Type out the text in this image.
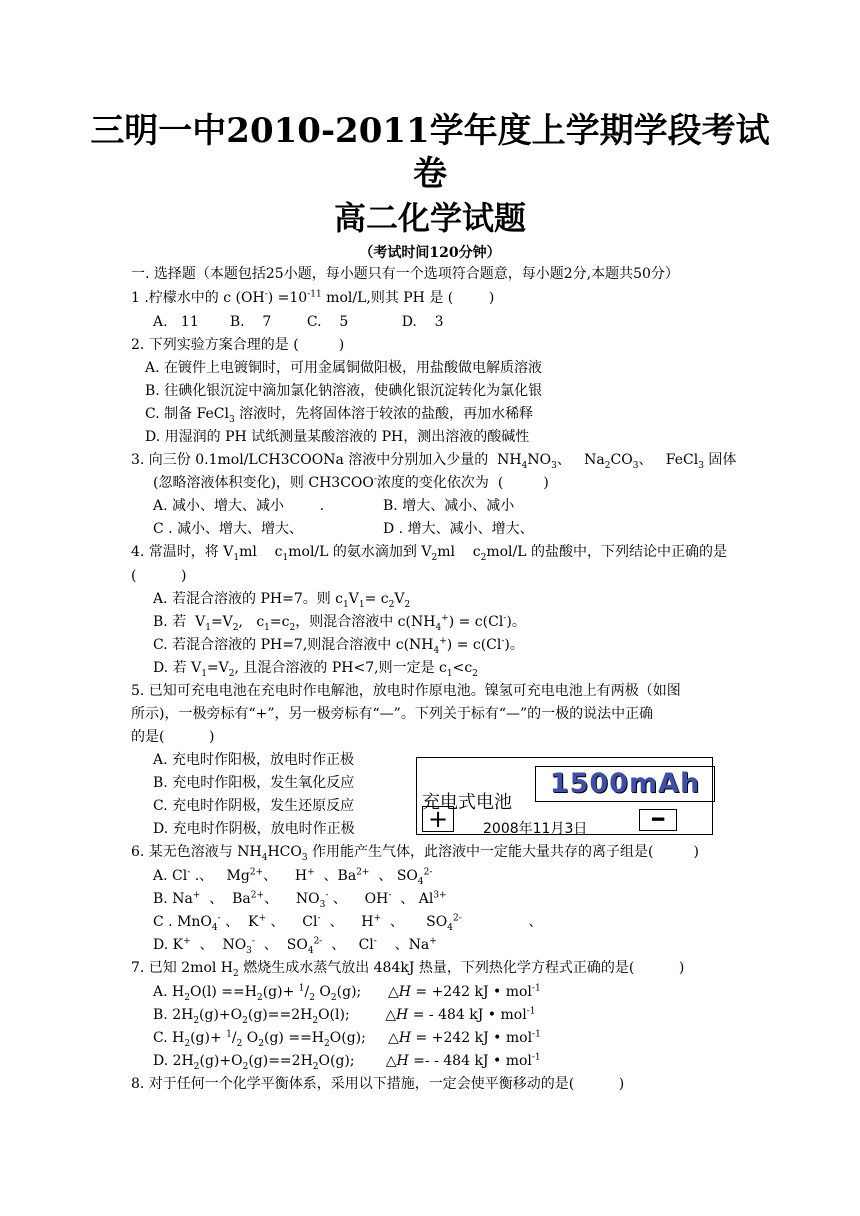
三明一中2010-2011学年度上学期学段考试
卷
高二化学试题
（考试时间120分钟）
一. 选择题（本题包括25小题，每小题只有一个选项符合题意，每小题2分,本题共50分）
1 .柠檬水中的 c $(OH^-) =10^{-11}$ mol/L,则其 PH 是 (        )
A.   11       B.    7        C.    5            D.    3
2. 下列实验方案合理的是 (         )
A. 在镀件上电镀铜时，可用金属铜做阳极，用盐酸做电解质溶液
B. 往碘化银沉淀中滴加氯化钠溶液，使碘化银沉淀转化为氯化银
C. 制备 FeCl$_3$ 溶液时，先将固体溶于较浓的盐酸，再加水稀释
D. 用湿润的 PH 试纸测量某酸溶液的 PH，测出溶液的酸碱性
3. 向三份 0.1mol/LCH3COONa 溶液中分别加入少量的  $NH_4NO_3$、   $Na_2CO_3$、   FeCl$_3$ 固体
(忽略溶液体积变化)，则 CH3COO-浓度的变化依次为  (         )
A. 减小、增大、减小        .	B. 增大、减小、减小
C . 减小、增大、增大、	D . 增大、减小、增大、
4. 常温时，将 $V_1ml$    $c_1mol/L$ 的氨水滴加到 $V_2ml$    $c_2mol/L$ 的盐酸中，下列结论中正确的是
(          )
A. 若混合溶液的 PH=7。则 $c_1V_1= c_2V_2$
B. 若  $V_1=V_2$,   $c_1=c_2$，则混合溶液中 $c(NH_4^+) = c(Cl^-)$。
C. 若混合溶液的 PH=7,则混合溶液中 $c(NH_4^+) = c(Cl^-)$。
D. 若 $V_1=V_2$, 且混合溶液的 PH<7,则一定是 $c_1<c_2$
5. 已知可充电电池在充电时作电解池，放电时作原电池。镍氢可充电电池上有两极（如图
所示)，一极旁标有“+”，另一极旁标有“—”。下列关于标有“—”的一极的说法中正确
的是(          )
A. 充电时作阳极，放电时作正极
B. 充电时作阳极，发生氧化反应
C. 充电时作阴极，发生还原反应
D. 充电时作阴极，放电时作正极
充电式电池
1500mAh
+	2008年11月3日	━
6. 某无色溶液与 $NH_4HCO_3$ 作用能产生气体，此溶液中一定能大量共存的离子组是(         )
A. Cl- .、   $Mg^{2+}$、    H+  、$Ba^{2+}$  、 $SO_4^{2-}$
B. Na+  、  $Ba^{2+}$、    $NO_3^-$ 、    OH-  、 $Al^{3+}$
C . MnO$_4$- 、  K+ 、    Cl-  、    H+  、     $SO_4^{2-}$               、
D. K+  、  $NO_3^-$  、  $SO_4^{2-}$  、   Cl-    、Na+
7. 已知 2mol $H_2$ 燃烧生成水蒸气放出 484kJ 热量，下列热化学方程式正确的是(          )
A. $H_2O(l) ==H_2(g)+ ^1/_2$ $O_2(g)$;      △H = +242 kJ • mol$^{-1}$
B. $2H_2(g)+O_2(g)==2H_2O(l)$;        △H = - 484 kJ • mol$^{-1}$
C. $H_2(g)+ ^1/_2$ $O_2(g) ==H_2O(g)$;     △H = +242 kJ • mol$^{-1}$
D. $2H_2(g)+O_2(g)==2H_2O(g)$;       △H =- - 484 kJ • mol$^{-1}$
8. 对于任何一个化学平衡体系，采用以下措施，一定会使平衡移动的是(          )
